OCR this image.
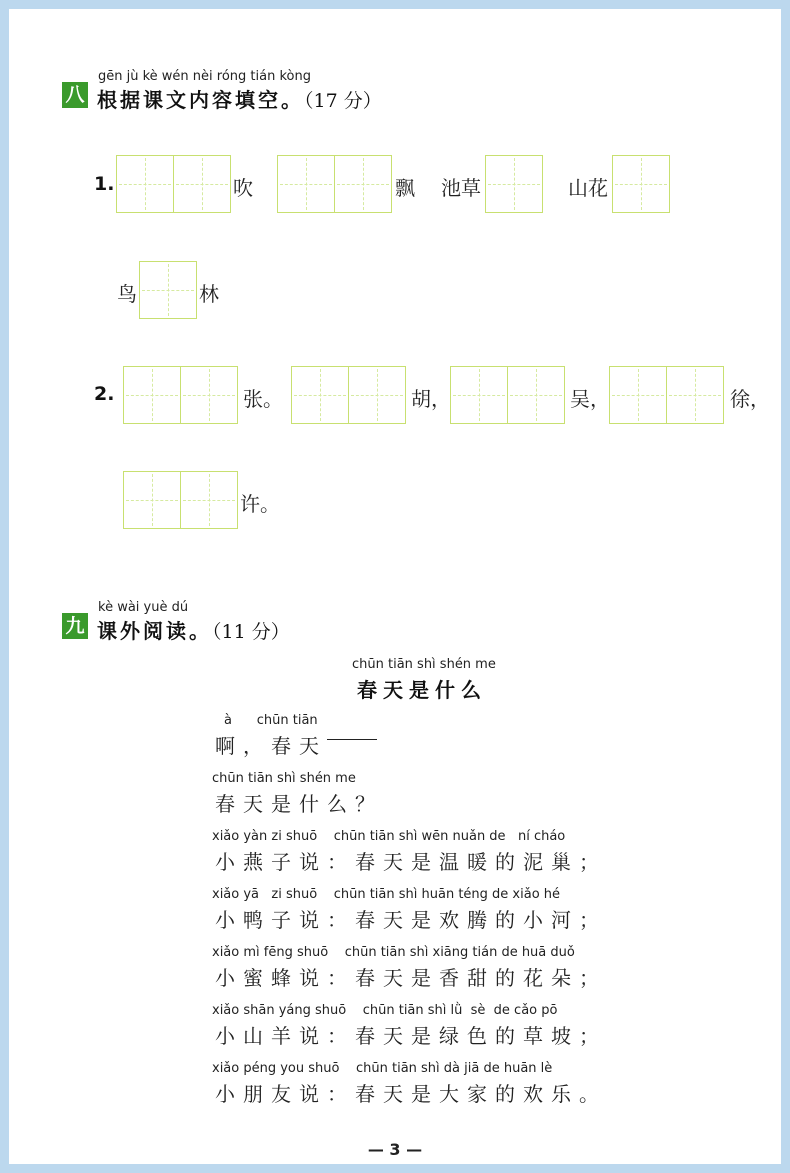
gēn jù kè wén nèi róng tián kòng
八 根据课文内容填空。（17 分）
1.	吹	飘 池草	山花
鸟	林
2.	张。	胡，	吴，	徐，
许。
kè wài yuè dú
九 课外阅读。（11 分）
chūn tiān shì shén me
春天是什么
à      chūn tiān
啊，春天
chūn tiān shì shén me
春天是什么？
xiǎo yàn zi shuō    chūn tiān shì wēn nuǎn de   ní cháo
小燕子说：春天是温暖的泥巢；
xiǎo yā   zi shuō    chūn tiān shì huān téng de xiǎo hé
小鸭子说：春天是欢腾的小河；
xiǎo mì fēng shuō    chūn tiān shì xiāng tián de huā duǒ
小蜜蜂说：春天是香甜的花朵；
xiǎo shān yáng shuō    chūn tiān shì lǜ  sè  de cǎo pō
小山羊说：春天是绿色的草坡；
xiǎo péng you shuō    chūn tiān shì dà jiā de huān lè
小朋友说：春天是大家的欢乐。
— 3 —
